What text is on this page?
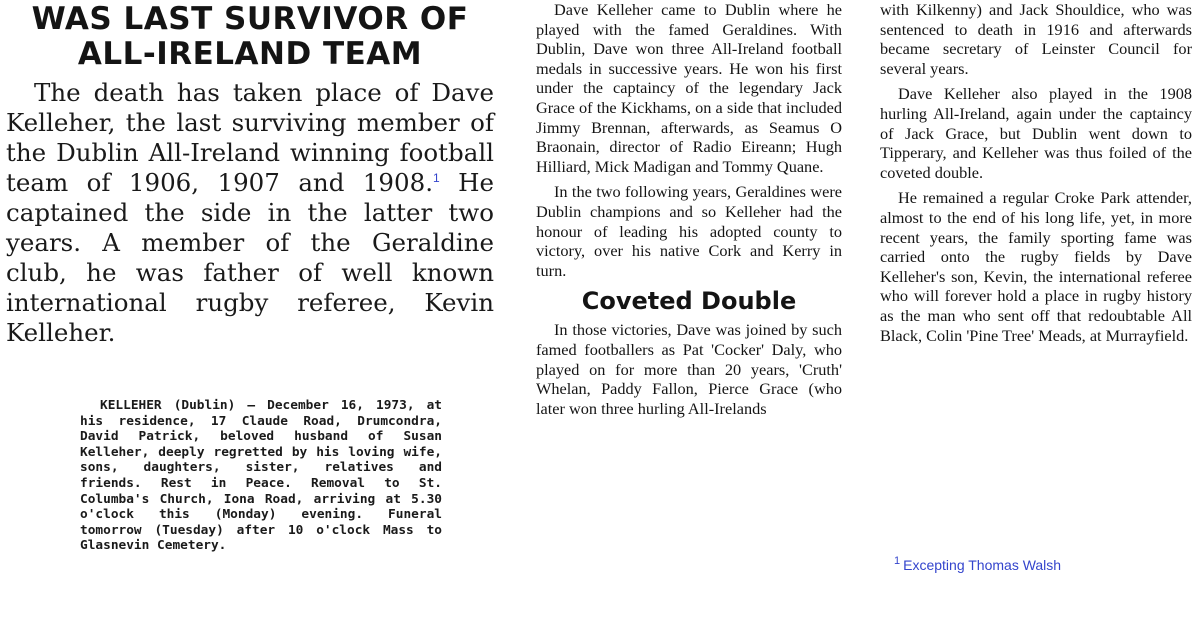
WAS LAST SURVIVOR OF
ALL-IRELAND TEAM

The death has taken place of Dave Kelleher, the last surviving member of the Dublin All-Ireland winning football team of 1906, 1907 and 1908.$^1$ He captained the side in the latter two years. A member of the Geraldine club, he was father of well known international rugby referee, Kevin Kelleher.

KELLEHER (Dublin) — December 16, 1973, at his residence, 17 Claude Road, Drumcondra, David Patrick, beloved husband of Susan Kelleher, deeply regretted by his loving wife, sons, daughters, sister, relatives and friends. Rest in Peace. Removal to St. Columba's Church, Iona Road, arriving at 5.30 o'clock this (Monday) evening. Funeral tomorrow (Tuesday) after 10 o'clock Mass to Glasnevin Cemetery.

Dave Kelleher came to Dublin where he played with the famed Geraldines. With Dublin, Dave won three All-Ireland football medals in successive years. He won his first under the captaincy of the legendary Jack Grace of the Kickhams, on a side that included Jimmy Brennan, afterwards, as Seamus O Braonain, director of Radio Eireann; Hugh Hilliard, Mick Madigan and Tommy Quane.

In the two following years, Geraldines were Dublin champions and so Kelleher had the honour of leading his adopted county to victory, over his native Cork and Kerry in turn.

Coveted Double

In those victories, Dave was joined by such famed footballers as Pat 'Cocker' Daly, who played on for more than 20 years, 'Cruth' Whelan, Paddy Fallon, Pierce Grace (who later won three hurling All-Irelands

with Kilkenny) and Jack Shouldice, who was sentenced to death in 1916 and afterwards became secretary of Leinster Council for several years.

Dave Kelleher also played in the 1908 hurling All-Ireland, again under the captaincy of Jack Grace, but Dublin went down to Tipperary, and Kelleher was thus foiled of the coveted double.

He remained a regular Croke Park attender, almost to the end of his long life, yet, in more recent years, the family sporting fame was carried onto the rugby fields by Dave Kelleher's son, Kevin, the international referee who will forever hold a place in rugby history as the man who sent off that redoubtable All Black, Colin 'Pine Tree' Meads, at Murrayfield.

$^1$ Excepting Thomas Walsh
